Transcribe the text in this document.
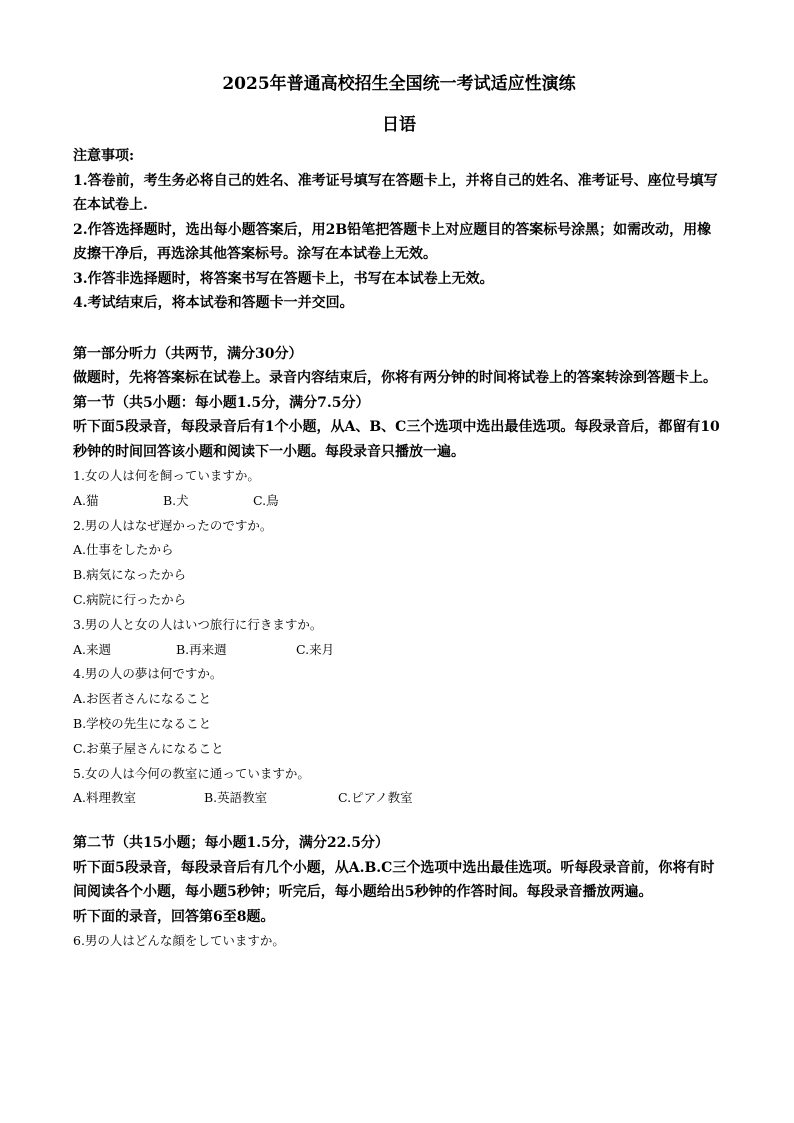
2025年普通高校招生全国统一考试适应性演练
日语

注意事项:

1.答卷前，考生务必将自己的姓名、准考证号填写在答题卡上，并将自己的姓名、准考证号、座位号填写在本试卷上.

2.作答选择题时，选出每小题答案后，用2B铅笔把答题卡上对应题目的答案标号涂黑；如需改动，用橡皮擦干净后，再选涂其他答案标号。涂写在本试卷上无效。

3.作答非选择题时，将答案书写在答题卡上，书写在本试卷上无效。

4.考试结束后，将本试卷和答题卡一并交回。

第一部分听力（共两节，满分30分）

做题时，先将答案标在试卷上。录音内容结束后，你将有两分钟的时间将试卷上的答案转涂到答题卡上。

第一节（共5小题：每小题1.5分，满分7.5分）

听下面5段录音，每段录音后有1个小题，从A、B、C三个选项中选出最佳选项。每段录音后，都留有10秒钟的时间回答该小题和阅读下一小题。每段录音只播放一遍。

1.女の人は何を飼っていますか。

A.猫	B.犬	C.鳥

2.男の人はなぜ遅かったのですか。

A.仕事をしたから

B.病気になったから

C.病院に行ったから

3.男の人と女の人はいつ旅行に行きますか。

A.来週	B.再来週	C.来月

4.男の人の夢は何ですか。

A.お医者さんになること

B.学校の先生になること

C.お菓子屋さんになること

5.女の人は今何の教室に通っていますか。

A.料理教室	B.英語教室	C.ピアノ教室

第二节（共15小题；每小题1.5分，满分22.5分）

听下面5段录音，每段录音后有几个小题，从A.B.C三个选项中选出最佳选项。听每段录音前，你将有时间阅读各个小题，每小题5秒钟；听完后，每小题给出5秒钟的作答时间。每段录音播放两遍。

听下面的录音，回答第6至8题。

6.男の人はどんな顔をしていますか。
